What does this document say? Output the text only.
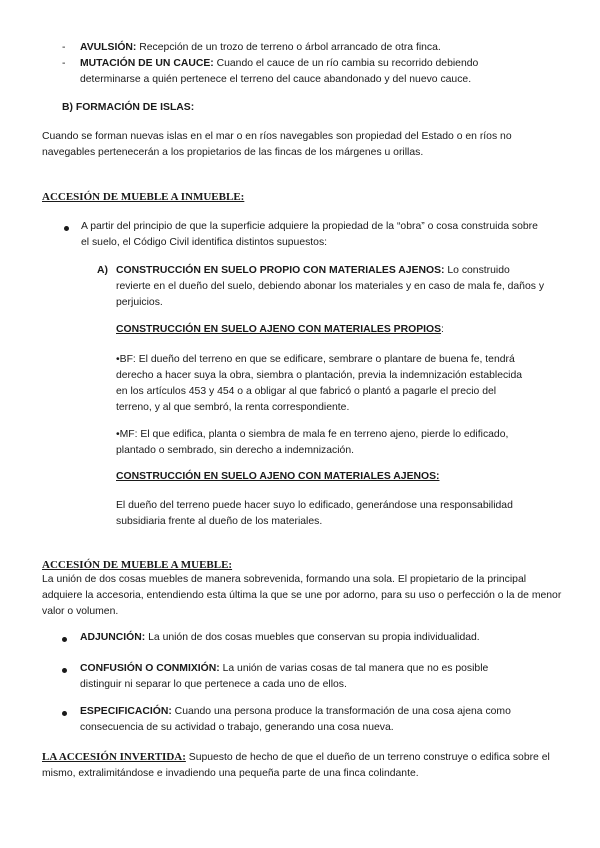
- AVULSIÓN: Recepción de un trozo de terreno o árbol arrancado de otra finca.
- MUTACIÓN DE UN CAUCE: Cuando el cauce de un río cambia su recorrido debiendo determinarse a quién pertenece el terreno del cauce abandonado y del nuevo cauce.
B) FORMACIÓN DE ISLAS:

Cuando se forman nuevas islas en el mar o en ríos navegables son propiedad del Estado o en ríos no navegables pertenecerán a los propietarios de las fincas de los márgenes u orillas.

ACCESIÓN DE MUEBLE A INMUEBLE:

A partir del principio de que la superficie adquiere la propiedad de la “obra” o cosa construida sobre el suelo, el Código Civil identifica distintos supuestos:

A) CONSTRUCCIÓN EN SUELO PROPIO CON MATERIALES AJENOS: Lo construido revierte en el dueño del suelo, debiendo abonar los materiales y en caso de mala fe, daños y perjuicios.

CONSTRUCCIÓN EN SUELO AJENO CON MATERIALES PROPIOS:

•BF: El dueño del terreno en que se edificare, sembrare o plantare de buena fe, tendrá derecho a hacer suya la obra, siembra o plantación, previa la indemnización establecida en los artículos 453 y 454 o a obligar al que fabricó o plantó a pagarle el precio del terreno, y al que sembró, la renta correspondiente.

•MF: El que edifica, planta o siembra de mala fe en terreno ajeno, pierde lo edificado, plantado o sembrado, sin derecho a indemnización.

CONSTRUCCIÓN EN SUELO AJENO CON MATERIALES AJENOS:

El dueño del terreno puede hacer suyo lo edificado, generándose una responsabilidad subsidiaria frente al dueño de los materiales.

ACCESIÓN DE MUEBLE A MUEBLE:

La unión de dos cosas muebles de manera sobrevenida, formando una sola. El propietario de la principal adquiere la accesoria, entendiendo esta última la que se une por adorno, para su uso o perfección o la de menor valor o volumen.

ADJUNCIÓN: La unión de dos cosas muebles que conservan su propia individualidad.

CONFUSIÓN O CONMIXIÓN: La unión de varias cosas de tal manera que no es posible distinguir ni separar lo que pertenece a cada uno de ellos.

ESPECIFICACIÓN: Cuando una persona produce la transformación de una cosa ajena como consecuencia de su actividad o trabajo, generando una cosa nueva.

LA ACCESIÓN INVERTIDA: Supuesto de hecho de que el dueño de un terreno construye o edifica sobre el mismo, extralimitándose e invadiendo una pequeña parte de una finca colindante.
